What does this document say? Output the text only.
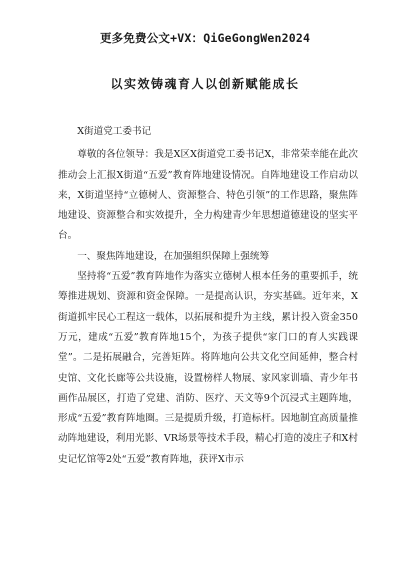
更多免费公文+VX：QiGeGongWen2024
以实效铸魂育人以创新赋能成长

X街道党工委书记

尊敬的各位领导：我是X区X街道党工委书记X，非常荣幸能在此次推动会上汇报X街道“五爱”教育阵地建设情况。自阵地建设工作启动以来，X街道坚持“立德树人、资源整合、特色引领”的工作思路，聚焦阵地建设、资源整合和实效提升，全力构建青少年思想道德建设的坚实平台。

一、聚焦阵地建设，在加强组织保障上强统筹

坚持将“五爱”教育阵地作为落实立德树人根本任务的重要抓手，统筹推进规划、资源和资金保障。一是提高认识，夯实基础。近年来，X街道抓牢民心工程这一载体，以拓展和提升为主线，累计投入资金350万元，建成“五爱”教育阵地15个，为孩子提供“家门口的育人实践课堂”。二是拓展融合，完善矩阵。将阵地向公共文化空间延伸，整合村史馆、文化长廊等公共设施，设置榜样人物展、家风家训墙、青少年书画作品展区，打造了党建、消防、医疗、天文等9个沉浸式主题阵地，形成“五爱”教育阵地圈。三是提质升级，打造标杆。因地制宜高质量推动阵地建设，利用光影、VR场景等技术手段，精心打造的凌庄子和X村史记忆馆等2处“五爱”教育阵地，获评X市示
